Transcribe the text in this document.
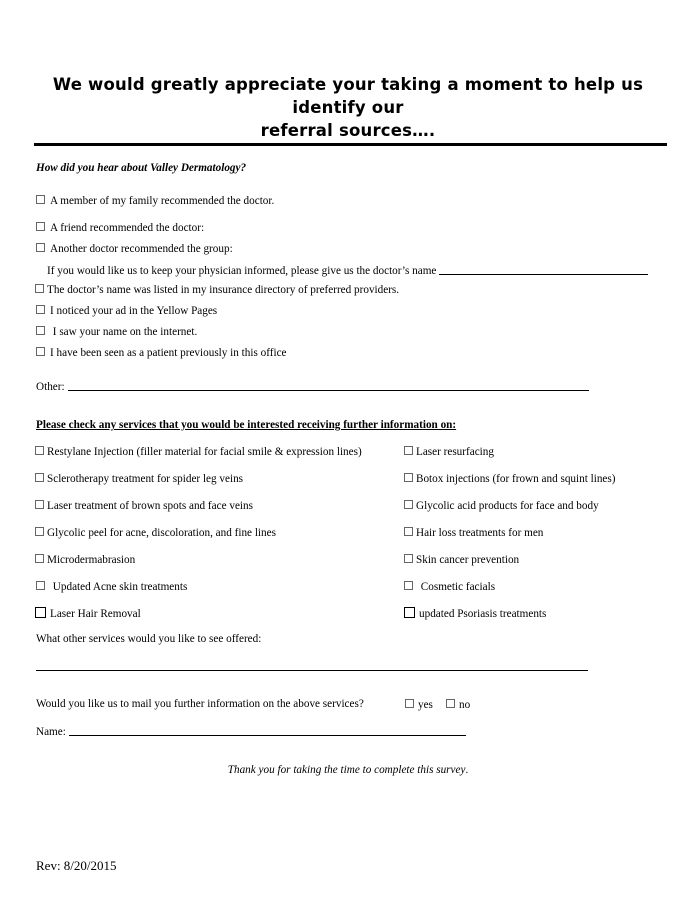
We would greatly appreciate your taking a moment to help us identify our
referral sources….
How did you hear about Valley Dermatology?
A member of my family recommended the doctor.
A friend recommended the doctor:
Another doctor recommended the group:
If you would like us to keep your physician informed, please give us the doctor’s name
The doctor’s name was listed in my insurance directory of preferred providers.
I noticed your ad in the Yellow Pages
I saw your name on the internet.
I have been seen as a patient previously in this office
Other:
Please check any services that you would be interested receiving further information on:
Restylane Injection (filler material for facial smile & expression lines)	Laser resurfacing
Sclerotherapy treatment for spider leg veins	Botox injections (for frown and squint lines)
Laser treatment of brown spots and face veins	Glycolic acid products for face and body
Glycolic peel for acne, discoloration, and fine lines	Hair loss treatments for men
Microdermabrasion	Skin cancer prevention
Updated Acne skin treatments	Cosmetic facials
Laser Hair Removal	updated Psoriasis treatments
What other services would you like to see offered:
Would you like us to mail you further information on the above services?	yes	no
Name:
Thank you for taking the time to complete this survey.
Rev: 8/20/2015
